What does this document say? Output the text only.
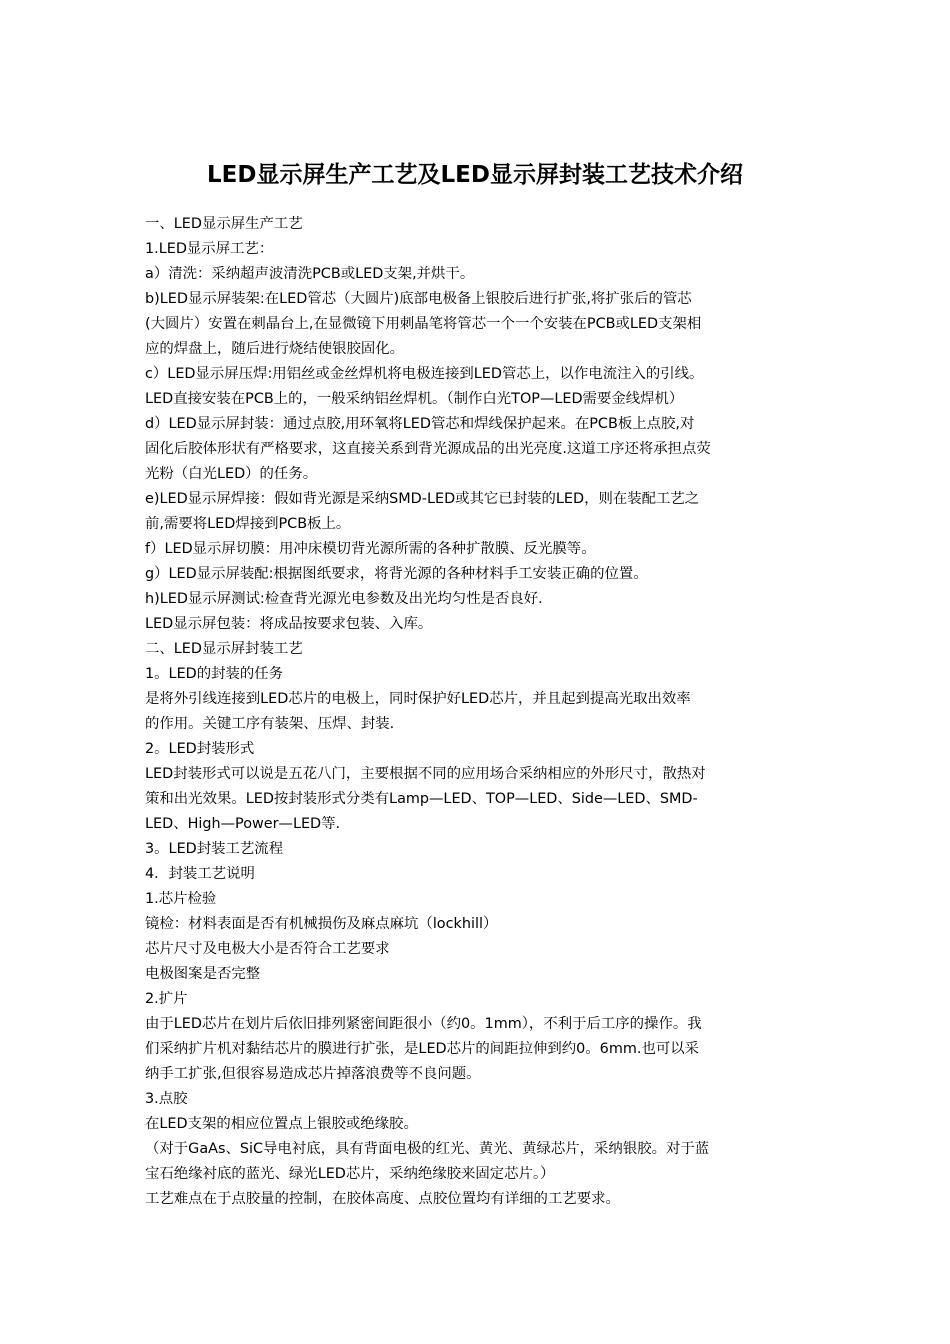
LED显示屏生产工艺及LED显示屏封装工艺技术介绍
一、LED显示屏生产工艺
1.LED显示屏工艺：
a）清洗：采纳超声波清洗PCB或LED支架,并烘干。
b)LED显示屏装架:在LED管芯（大圆片)底部电极备上银胶后进行扩张,将扩张后的管芯
(大圆片）安置在刺晶台上,在显微镜下用刺晶笔将管芯一个一个安装在PCB或LED支架相
应的焊盘上，随后进行烧结使银胶固化。
c）LED显示屏压焊:用铝丝或金丝焊机将电极连接到LED管芯上，以作电流注入的引线。
LED直接安装在PCB上的，一般采纳铝丝焊机。（制作白光TOP—LED需要金线焊机）
d）LED显示屏封装：通过点胶,用环氧将LED管芯和焊线保护起来。在PCB板上点胶,对
固化后胶体形状有严格要求，这直接关系到背光源成品的出光亮度.这道工序还将承担点荧
光粉（白光LED）的任务。
e)LED显示屏焊接：假如背光源是采纳SMD-LED或其它已封装的LED，则在装配工艺之
前,需要将LED焊接到PCB板上。
f）LED显示屏切膜：用冲床模切背光源所需的各种扩散膜、反光膜等。
g）LED显示屏装配:根据图纸要求，将背光源的各种材料手工安装正确的位置。
h)LED显示屏测试:检查背光源光电参数及出光均匀性是否良好.
LED显示屏包装：将成品按要求包装、入库。
二、LED显示屏封装工艺
1。LED的封装的任务
是将外引线连接到LED芯片的电极上，同时保护好LED芯片，并且起到提高光取出效率
的作用。关键工序有装架、压焊、封装.
2。LED封装形式
LED封装形式可以说是五花八门，主要根据不同的应用场合采纳相应的外形尺寸，散热对
策和出光效果。LED按封装形式分类有Lamp—LED、TOP—LED、Side—LED、SMD-
LED、High—Power—LED等.
3。LED封装工艺流程
4．封装工艺说明
1.芯片检验
镜检：材料表面是否有机械损伤及麻点麻坑（lockhill）
芯片尺寸及电极大小是否符合工艺要求
电极图案是否完整
2.扩片
由于LED芯片在划片后依旧排列紧密间距很小（约0。1mm），不利于后工序的操作。我
们采纳扩片机对黏结芯片的膜进行扩张，是LED芯片的间距拉伸到约0。6mm.也可以采
纳手工扩张,但很容易造成芯片掉落浪费等不良问题。
3.点胶
在LED支架的相应位置点上银胶或绝缘胶。
（对于GaAs、SiC导电衬底，具有背面电极的红光、黄光、黄绿芯片，采纳银胶。对于蓝
宝石绝缘衬底的蓝光、绿光LED芯片，采纳绝缘胶来固定芯片。）
工艺难点在于点胶量的控制，在胶体高度、点胶位置均有详细的工艺要求。
